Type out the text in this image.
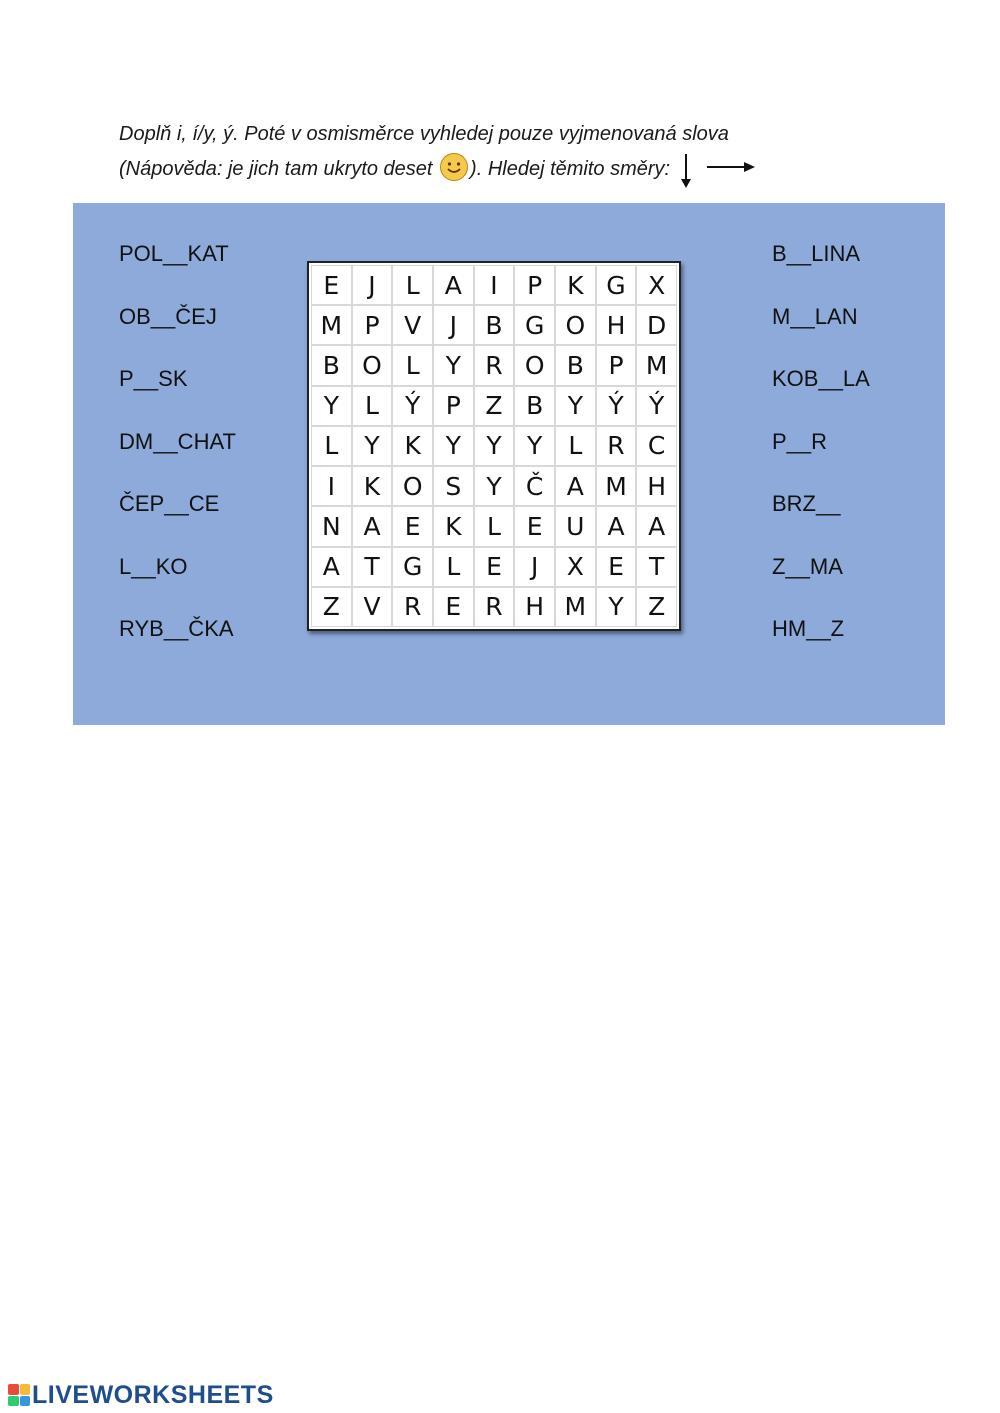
Doplň i, í/y, ý. Poté v osmisměrce vyhledej pouze vyjmenovaná slova
(Nápověda: je jich tam ukryto deset
). Hledej těmito směry:
POL__KAT
OB__ČEJ
P__SK
DM__CHAT
ČEP__CE
L__KO
RYB__ČKA
B__LINA
M__LAN
KOB__LA
P__R
BRZ__
Z__MA
HM__Z
E	J	L	A	I	P K G X
M P V	J	B G O H D
B O L	Y R O B P M
Y	L	Ý	P Z B Y	Ý	Ý
L	Y K Y	Y	Y	L	R C
I	K O S	Y Č A M H
N A E K	L	E U A A
A T G L	E	J	X E	T
Z V R E R H M Y Z
LIVEWORKSHEETS
